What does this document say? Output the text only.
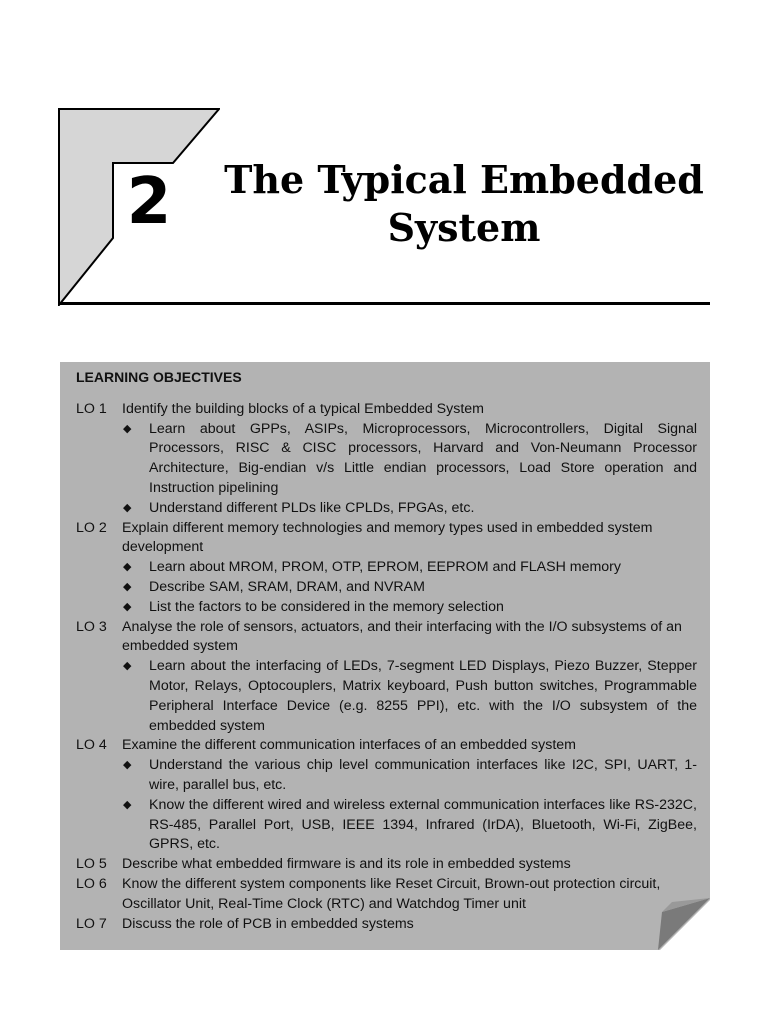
2 The Typical Embedded System
LEARNING OBJECTIVES
LO 1	Identify the building blocks of a typical Embedded System
◆	Learn about GPPs, ASIPs, Microprocessors, Microcontrollers, Digital Signal Processors, RISC & CISC processors, Harvard and Von-Neumann Processor Architecture, Big-endian v/s Little endian processors, Load Store operation and Instruction pipelining
◆	Understand different PLDs like CPLDs, FPGAs, etc.
LO 2	Explain different memory technologies and memory types used in embedded system development
◆	Learn about MROM, PROM, OTP, EPROM, EEPROM and FLASH memory
◆	Describe SAM, SRAM, DRAM, and NVRAM
◆	List the factors to be considered in the memory selection
LO 3	Analyse the role of sensors, actuators, and their interfacing with the I/O subsystems of an embedded system
◆	Learn about the interfacing of LEDs, 7-segment LED Displays, Piezo Buzzer, Stepper Motor, Relays, Optocouplers, Matrix keyboard, Push button switches, Programmable Peripheral Interface Device (e.g. 8255 PPI), etc. with the I/O subsystem of the embedded system
LO 4	Examine the different communication interfaces of an embedded system
◆	Understand the various chip level communication interfaces like I2C, SPI, UART, 1-wire, parallel bus, etc.
◆	Know the different wired and wireless external communication interfaces like RS-232C, RS-485, Parallel Port, USB, IEEE 1394, Infrared (IrDA), Bluetooth, Wi-Fi, ZigBee, GPRS, etc.
LO 5	Describe what embedded firmware is and its role in embedded systems
LO 6	Know the different system components like Reset Circuit, Brown-out protection circuit, Oscillator Unit, Real-Time Clock (RTC) and Watchdog Timer unit
LO 7	Discuss the role of PCB in embedded systems
